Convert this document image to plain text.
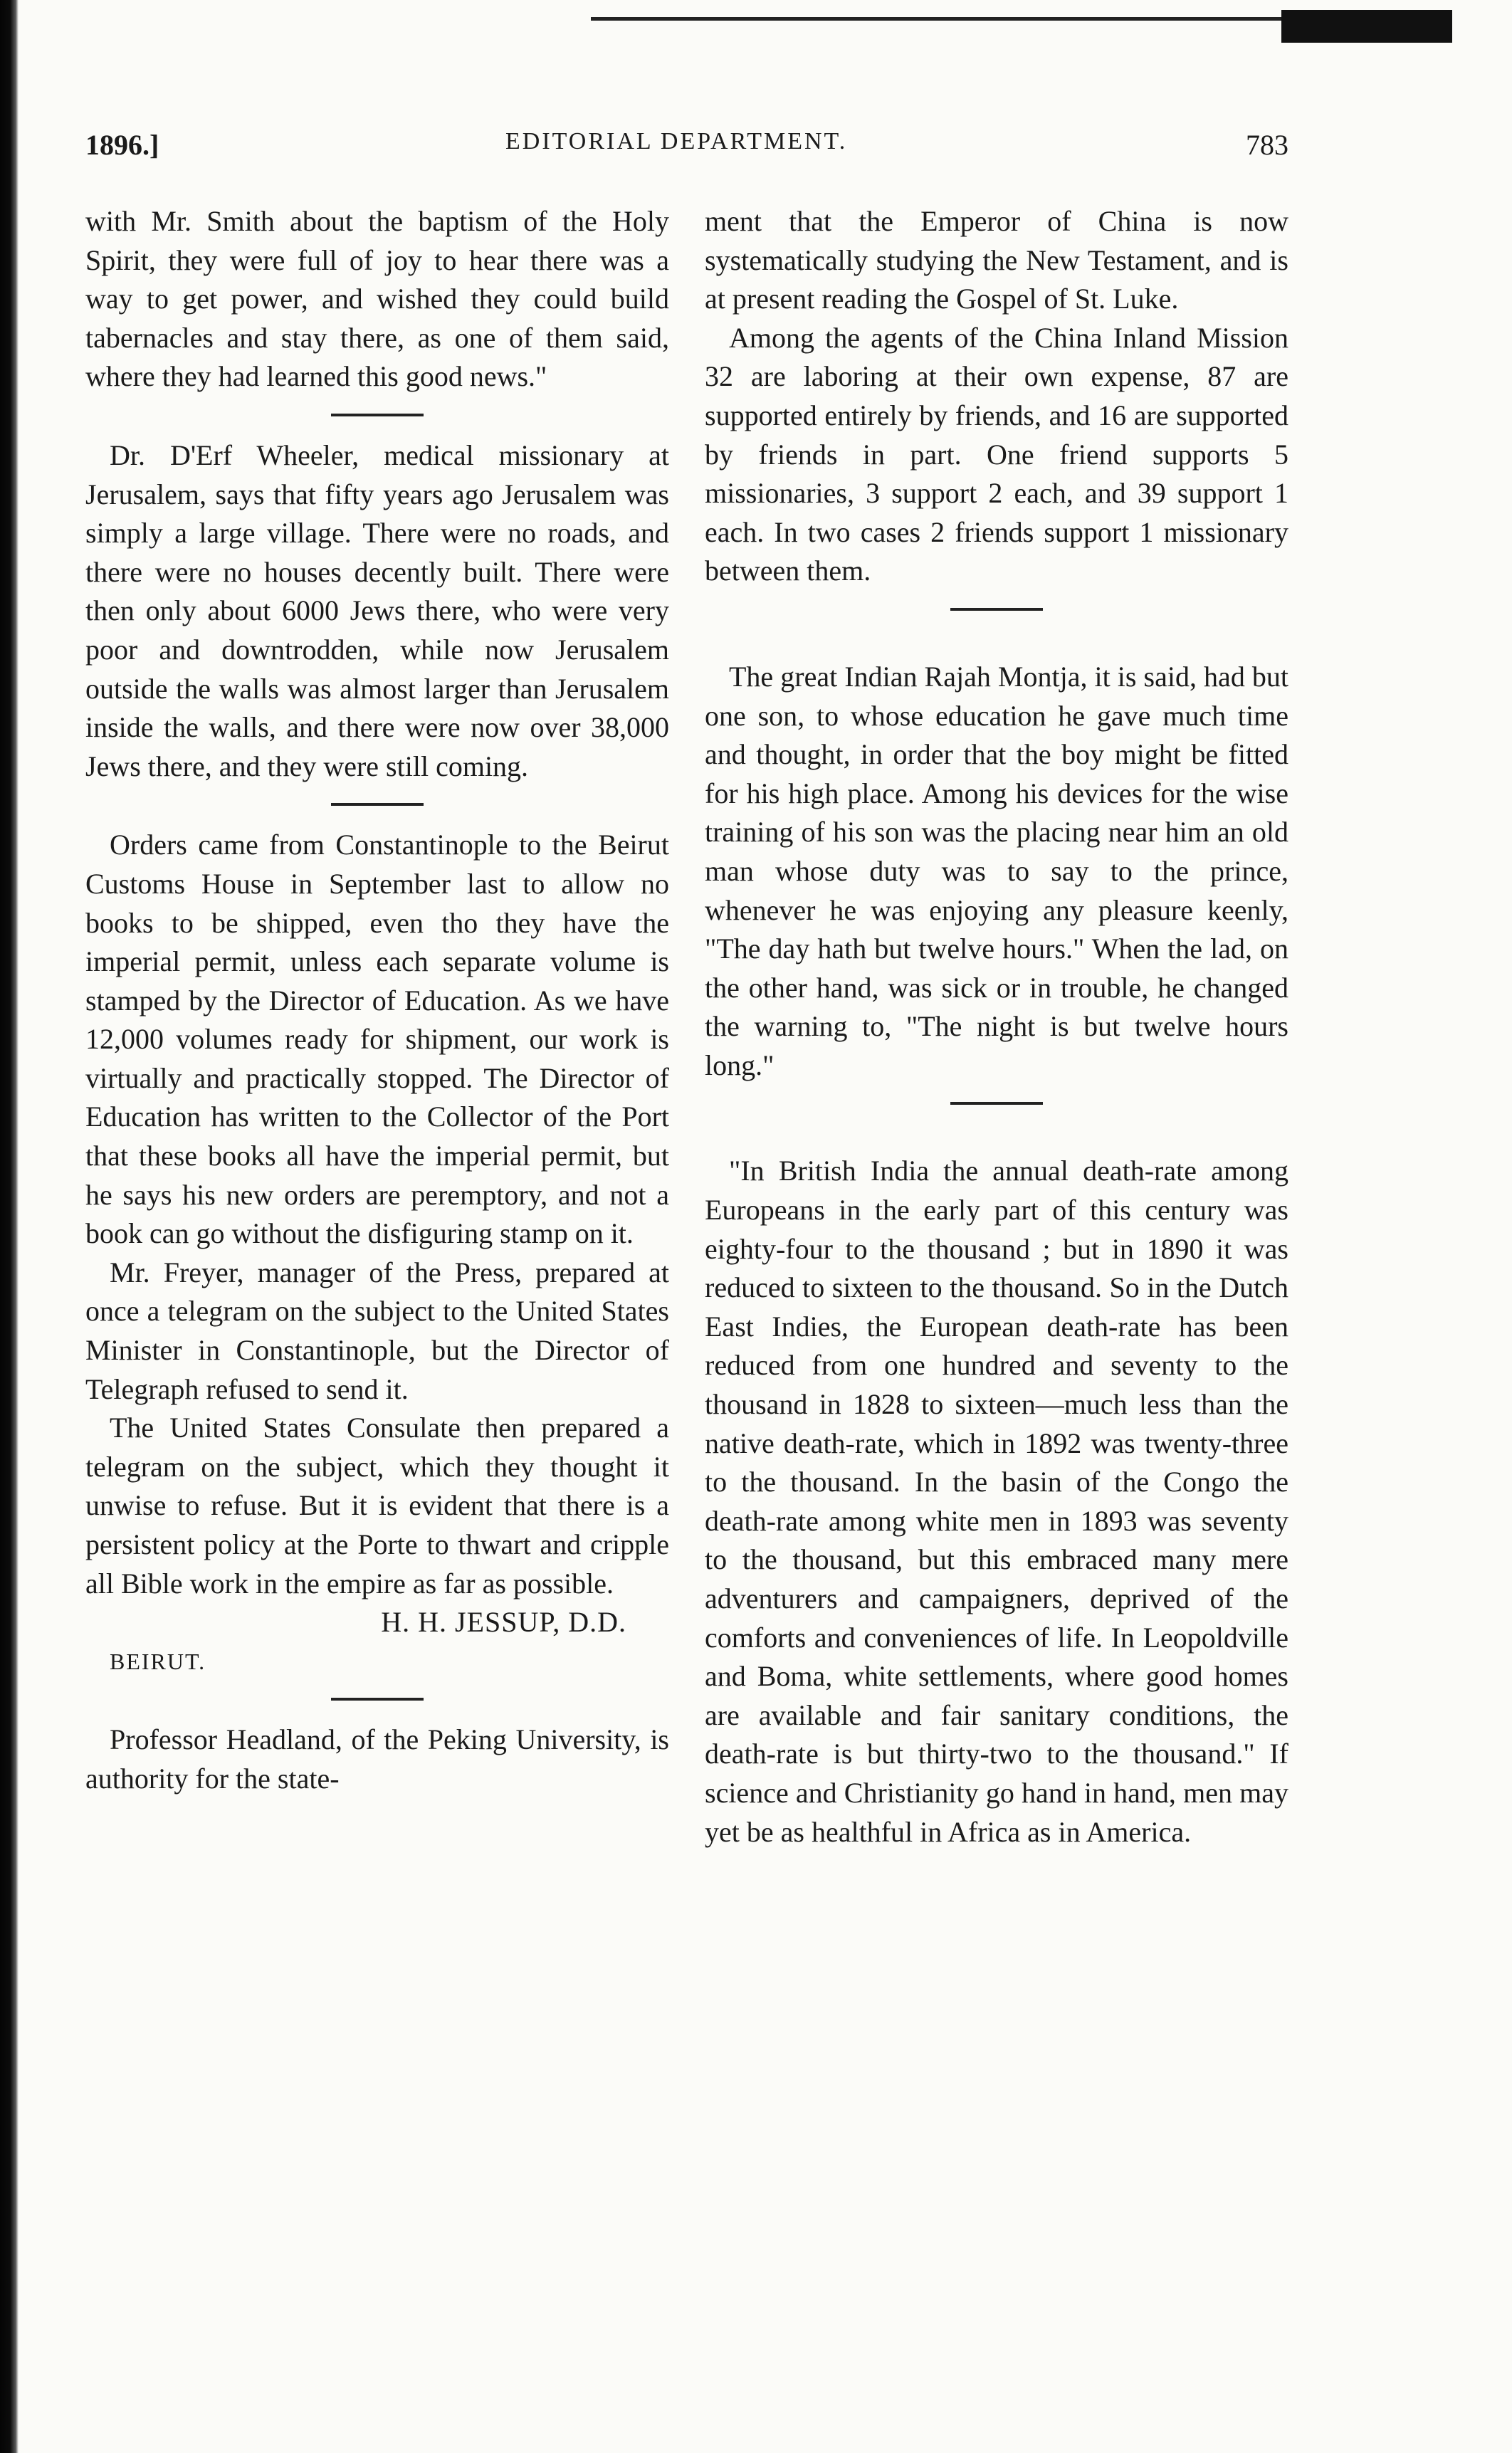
1896.]	EDITORIAL DEPARTMENT.	783

with Mr. Smith about the baptism of the Holy Spirit, they were full of joy to hear there was a way to get power, and wished they could build tabernacles and stay there, as one of them said, where they had learned this good news."

Dr. D'Erf Wheeler, medical missionary at Jerusalem, says that fifty years ago Jerusalem was simply a large village. There were no roads, and there were no houses decently built. There were then only about 6000 Jews there, who were very poor and downtrodden, while now Jerusalem outside the walls was almost larger than Jerusalem inside the walls, and there were now over 38,000 Jews there, and they were still coming.

Orders came from Constantinople to the Beirut Customs House in September last to allow no books to be shipped, even tho they have the imperial permit, unless each separate volume is stamped by the Director of Education. As we have 12,000 volumes ready for shipment, our work is virtually and practically stopped. The Director of Education has written to the Collector of the Port that these books all have the imperial permit, but he says his new orders are peremptory, and not a book can go without the disfiguring stamp on it.

Mr. Freyer, manager of the Press, prepared at once a telegram on the subject to the United States Minister in Constantinople, but the Director of Telegraph refused to send it.

The United States Consulate then prepared a telegram on the subject, which they thought it unwise to refuse. But it is evident that there is a persistent policy at the Porte to thwart and cripple all Bible work in the empire as far as possible.

H. H. JESSUP, D.D.

BEIRUT.

Professor Headland, of the Peking University, is authority for the state-

ment that the Emperor of China is now systematically studying the New Testament, and is at present reading the Gospel of St. Luke.

Among the agents of the China Inland Mission 32 are laboring at their own expense, 87 are supported entirely by friends, and 16 are supported by friends in part. One friend supports 5 missionaries, 3 support 2 each, and 39 support 1 each. In two cases 2 friends support 1 missionary between them.

The great Indian Rajah Montja, it is said, had but one son, to whose education he gave much time and thought, in order that the boy might be fitted for his high place. Among his devices for the wise training of his son was the placing near him an old man whose duty was to say to the prince, whenever he was enjoying any pleasure keenly, "The day hath but twelve hours." When the lad, on the other hand, was sick or in trouble, he changed the warning to, "The night is but twelve hours long."

"In British India the annual death-rate among Europeans in the early part of this century was eighty-four to the thousand ; but in 1890 it was reduced to sixteen to the thousand. So in the Dutch East Indies, the European death-rate has been reduced from one hundred and seventy to the thousand in 1828 to sixteen—much less than the native death-rate, which in 1892 was twenty-three to the thousand. In the basin of the Congo the death-rate among white men in 1893 was seventy to the thousand, but this embraced many mere adventurers and campaigners, deprived of the comforts and conveniences of life. In Leopoldville and Boma, white settlements, where good homes are available and fair sanitary conditions, the death-rate is but thirty-two to the thousand." If science and Christianity go hand in hand, men may yet be as healthful in Africa as in America.
